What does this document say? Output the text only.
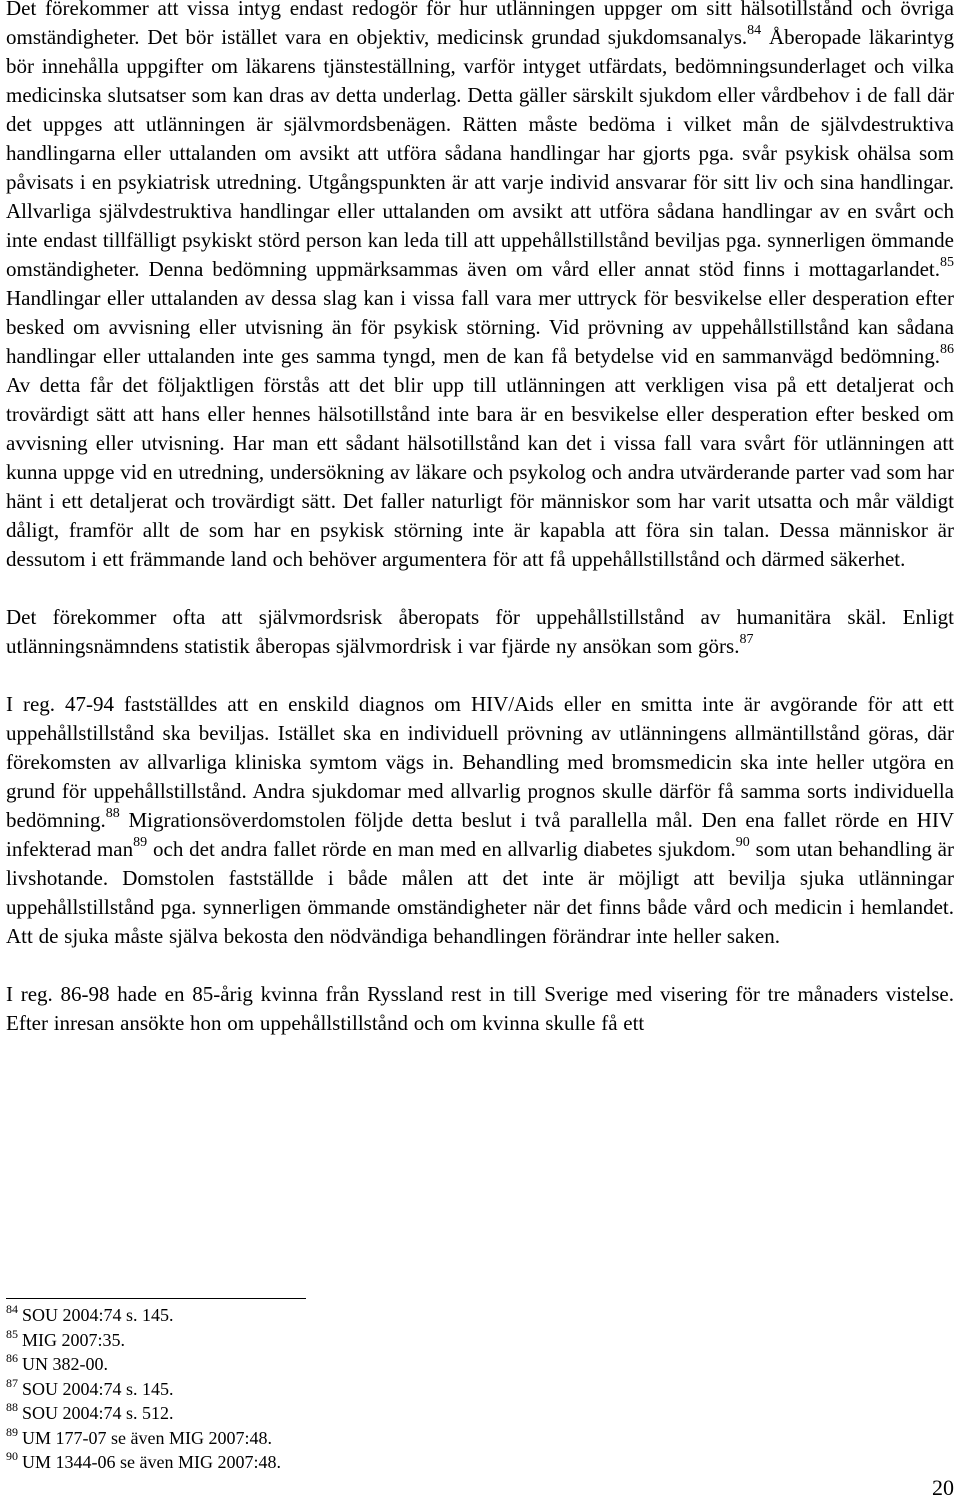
Det förekommer att vissa intyg endast redogör för hur utlänningen uppger om sitt hälsotillstånd och övriga omständigheter. Det bör istället vara en objektiv, medicinsk grundad sjukdomsanalys.$^{84}$ Åberopade läkarintyg bör innehålla uppgifter om läkarens tjänsteställning, varför intyget utfärdats, bedömningsunderlaget och vilka medicinska slutsatser som kan dras av detta underlag. Detta gäller särskilt sjukdom eller vårdbehov i de fall där det uppges att utlänningen är självmordsbenägen. Rätten måste bedöma i vilket mån de självdestruktiva handlingarna eller uttalanden om avsikt att utföra sådana handlingar har gjorts pga. svår psykisk ohälsa som påvisats i en psykiatrisk utredning. Utgångspunkten är att varje individ ansvarar för sitt liv och sina handlingar. Allvarliga självdestruktiva handlingar eller uttalanden om avsikt att utföra sådana handlingar av en svårt och inte endast tillfälligt psykiskt störd person kan leda till att uppehållstillstånd beviljas pga. synnerligen ömmande omständigheter. Denna bedömning uppmärksammas även om vård eller annat stöd finns i mottagarlandet.$^{85}$ Handlingar eller uttalanden av dessa slag kan i vissa fall vara mer uttryck för besvikelse eller desperation efter besked om avvisning eller utvisning än för psykisk störning. Vid prövning av uppehållstillstånd kan sådana handlingar eller uttalanden inte ges samma tyngd, men de kan få betydelse vid en sammanvägd bedömning.$^{86}$ Av detta får det följaktligen förstås att det blir upp till utlänningen att verkligen visa på ett detaljerat och trovärdigt sätt att hans eller hennes hälsotillstånd inte bara är en besvikelse eller desperation efter besked om avvisning eller utvisning. Har man ett sådant hälsotillstånd kan det i vissa fall vara svårt för utlänningen att kunna uppge vid en utredning, undersökning av läkare och psykolog och andra utvärderande parter vad som har hänt i ett detaljerat och trovärdigt sätt. Det faller naturligt för människor som har varit utsatta och mår väldigt dåligt, framför allt de som har en psykisk störning inte är kapabla att föra sin talan. Dessa människor är dessutom i ett främmande land och behöver argumentera för att få uppehållstillstånd och därmed säkerhet.

Det förekommer ofta att självmordsrisk åberopats för uppehållstillstånd av humanitära skäl. Enligt utlänningsnämndens statistik åberopas självmordrisk i var fjärde ny ansökan som görs.$^{87}$

I reg. 47-94 fastställdes att en enskild diagnos om HIV/Aids eller en smitta inte är avgörande för att ett uppehållstillstånd ska beviljas. Istället ska en individuell prövning av utlänningens allmäntillstånd göras, där förekomsten av allvarliga kliniska symtom vägs in. Behandling med bromsmedicin ska inte heller utgöra en grund för uppehållstillstånd. Andra sjukdomar med allvarlig prognos skulle därför få samma sorts individuella bedömning.$^{88}$ Migrationsöverdomstolen följde detta beslut i två parallella mål. Den ena fallet rörde en HIV infekterad man$^{89}$ och det andra fallet rörde en man med en allvarlig diabetes sjukdom.$^{90}$ som utan behandling är livshotande. Domstolen fastställde i både målen att det inte är möjligt att bevilja sjuka utlänningar uppehållstillstånd pga. synnerligen ömmande omständigheter när det finns både vård och medicin i hemlandet. Att de sjuka måste själva bekosta den nödvändiga behandlingen förändrar inte heller saken.

I reg. 86-98 hade en 85-årig kvinna från Ryssland rest in till Sverige med visering för tre månaders vistelse. Efter inresan ansökte hon om uppehållstillstånd och om kvinna skulle få ett

$^{84}$ SOU 2004:74 s. 145.
$^{85}$ MIG 2007:35.
$^{86}$ UN 382-00.
$^{87}$ SOU 2004:74 s. 145.
$^{88}$ SOU 2004:74 s. 512.
$^{89}$ UM 177-07 se även MIG 2007:48.
$^{90}$ UM 1344-06 se även MIG 2007:48.
20
